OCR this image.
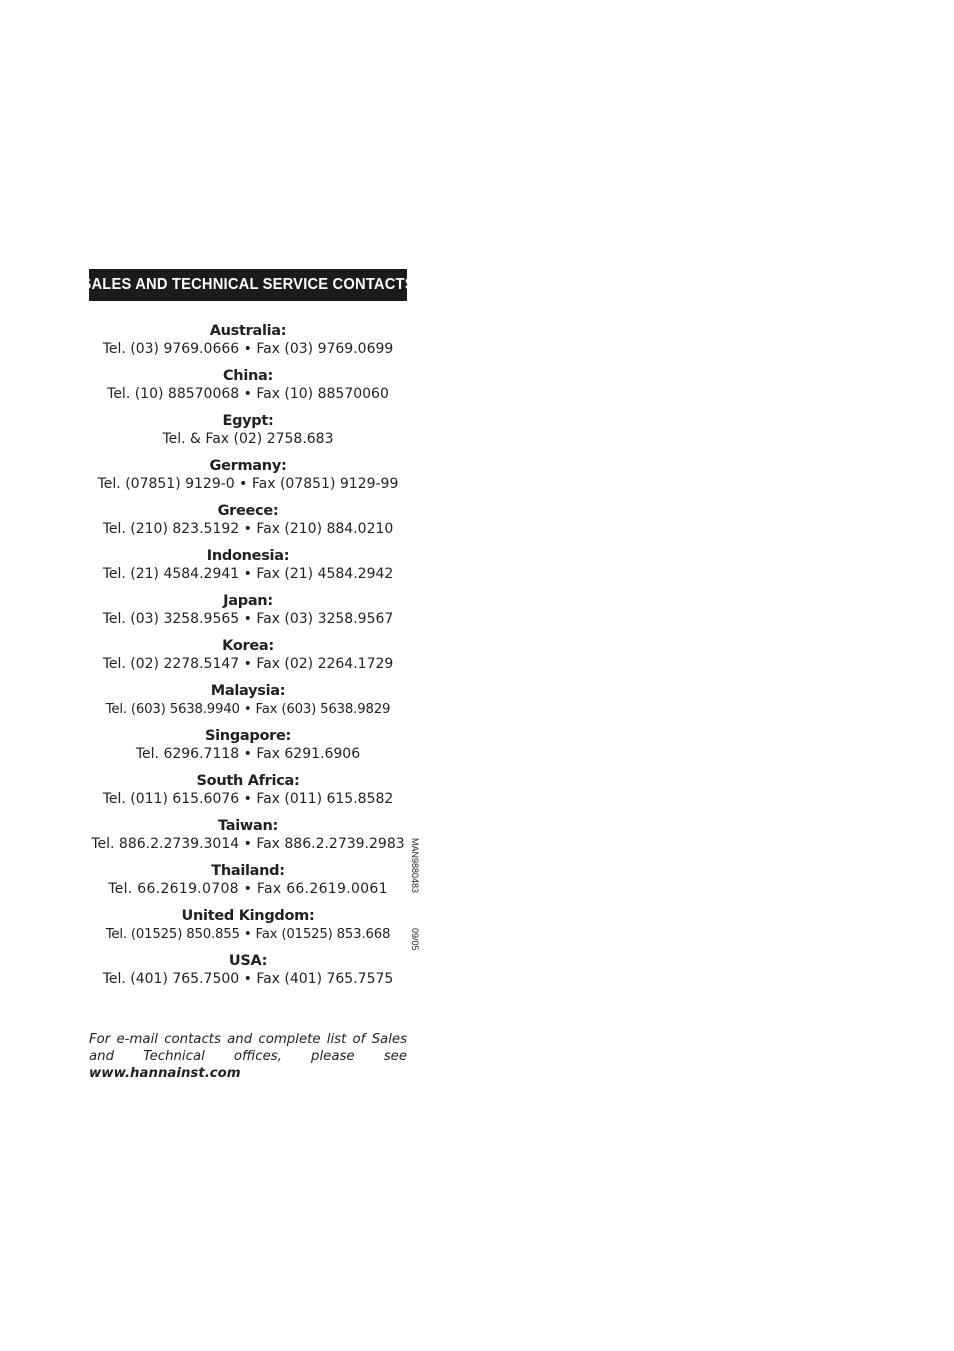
SALES AND TECHNICAL SERVICE CONTACTS
Australia:
Tel. (03) 9769.0666 • Fax (03) 9769.0699
China:
Tel. (10) 88570068 • Fax (10) 88570060
Egypt:
Tel. & Fax (02) 2758.683
Germany:
Tel. (07851) 9129-0 • Fax (07851) 9129-99
Greece:
Tel. (210) 823.5192 • Fax (210) 884.0210
Indonesia:
Tel. (21) 4584.2941 • Fax (21) 4584.2942
Japan:
Tel. (03) 3258.9565 • Fax (03) 3258.9567
Korea:
Tel. (02) 2278.5147 • Fax (02) 2264.1729
Malaysia:
Tel. (603) 5638.9940 • Fax (603) 5638.9829
Singapore:
Tel. 6296.7118 • Fax 6291.6906
South Africa:
Tel. (011) 615.6076 • Fax (011) 615.8582
Taiwan:
Tel. 886.2.2739.3014 • Fax 886.2.2739.2983
Thailand:
Tel. 66.2619.0708 • Fax 66.2619.0061
United Kingdom:
Tel. (01525) 850.855 • Fax (01525) 853.668
USA:
Tel. (401) 765.7500 • Fax (401) 765.7575
MAN9880483
09/05
For e-mail contacts and complete list of Sales and Technical offices, please see www.hannainst.com
